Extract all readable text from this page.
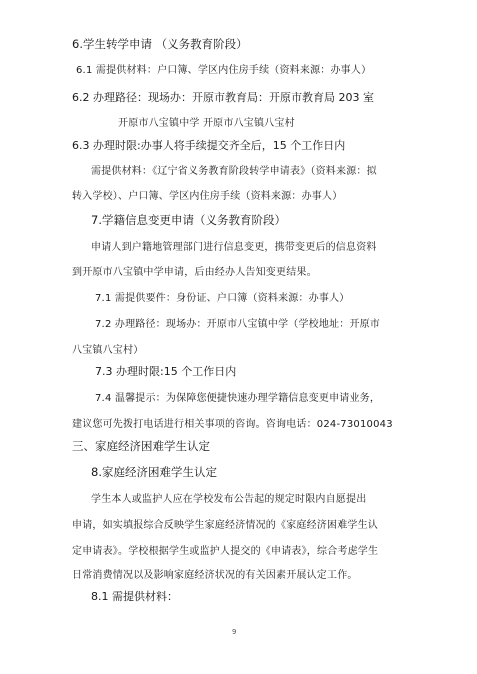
6.学生转学申请 （义务教育阶段）
6.1 需提供材料：户口簿、学区内住房手续（资料来源：办事人）
6.2 办理路径：现场办：开原市教育局：开原市教育局 203 室
开原市八宝镇中学 开原市八宝镇八宝村
6.3 办理时限:办事人将手续提交齐全后，15 个工作日内
需提供材料：《辽宁省义务教育阶段转学申请表》（资料来源：拟
转入学校）、户口簿、学区内住房手续（资料来源：办事人）
7.学籍信息变更申请（义务教育阶段）
申请人到户籍地管理部门进行信息变更，携带变更后的信息资料
到开原市八宝镇中学申请，后由经办人告知变更结果。
7.1 需提供要件：身份证、户口簿（资料来源：办事人）
7.2 办理路径：现场办：开原市八宝镇中学（学校地址：开原市
八宝镇八宝村）
7.3 办理时限:15 个工作日内
7.4 温馨提示：为保障您便捷快速办理学籍信息变更申请业务，
建议您可先拨打电话进行相关事项的咨询。咨询电话：024-73010043
三、家庭经济困难学生认定
8.家庭经济困难学生认定
学生本人或监护人应在学校发布公告起的规定时限内自愿提出
申请，如实填报综合反映学生家庭经济情况的《家庭经济困难学生认
定申请表》。学校根据学生或监护人提交的《申请表》，综合考虑学生
日常消费情况以及影响家庭经济状况的有关因素开展认定工作。
8.1 需提供材料：
9
